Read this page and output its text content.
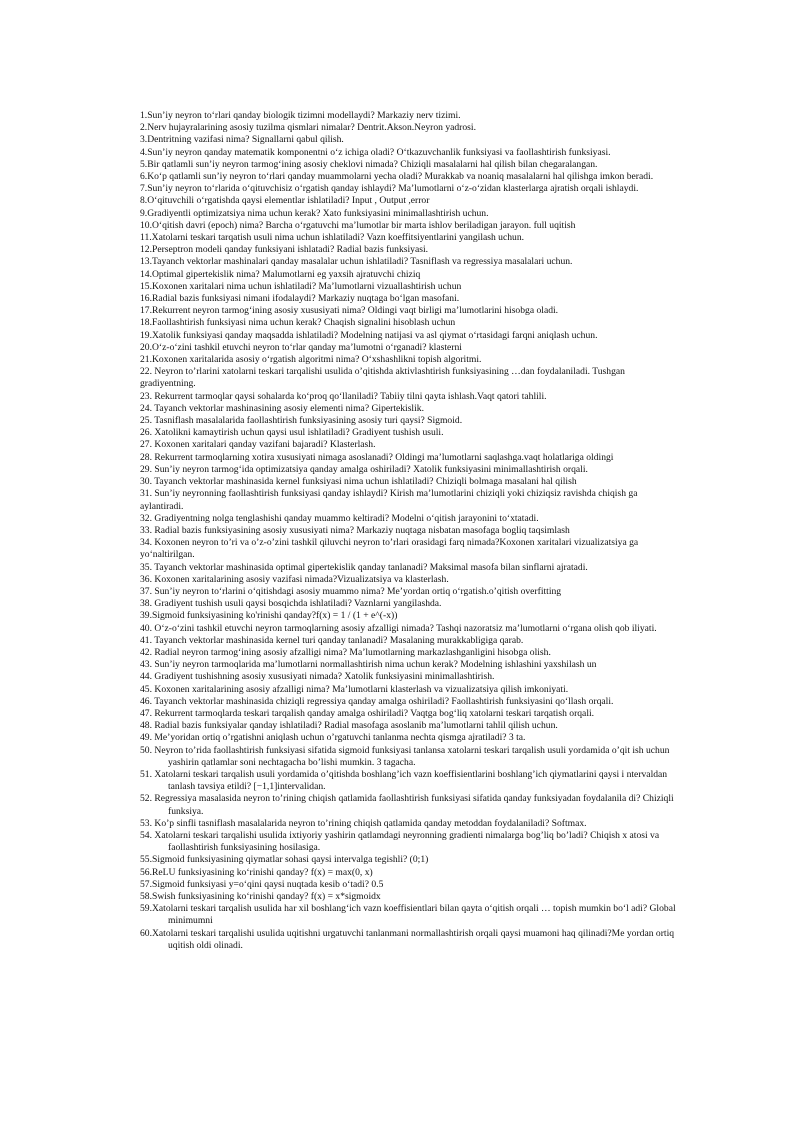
1.Sun’iy neyron to‘rlari qanday biologik tizimni modellaydi? Markaziy nerv tizimi.

2.Nerv hujayralarining asosiy tuzilma qismlari nimalar? Dentrit.Akson.Neyron yadrosi.

3.Dentritning vazifasi nima? Signallarni qabul qilish.

4.Sun’iy neyron qanday matematik komponentni o‘z ichiga oladi? O‘tkazuvchanlik funksiyasi va faollashtirish funksiyasi.

5.Bir qatlamli sun’iy neyron tarmog‘ining asosiy cheklovi nimada? Chiziqli masalalarni hal qilish bilan chegaralangan.

6.Ko‘p qatlamli sun’iy neyron to‘rlari qanday muammolarni yecha oladi? Murakkab va noaniq masalalarni hal qilishga imkon beradi.

7.Sun’iy neyron to‘rlarida o‘qituvchisiz o‘rgatish qanday ishlaydi? Ma’lumotlarni o‘z-o‘zidan klasterlarga ajratish orqali ishlaydi.

8.O‘qituvchili o‘rgatishda qaysi elementlar ishlatiladi? Input , Output ,error

9.Gradiyentli optimizatsiya nima uchun kerak? Xato funksiyasini minimallashtirish uchun.

10.O‘qitish davri (epoch) nima? Barcha o‘rgatuvchi ma’lumotlar bir marta ishlov beriladigan jarayon. full uqitish

11.Xatolarni teskari tarqatish usuli nima uchun ishlatiladi? Vazn koeffitsiyentlarini yangilash uchun.

12.Perseptron modeli qanday funksiyani ishlatadi? Radial bazis funksiyasi.

13.Tayanch vektorlar mashinalari qanday masalalar uchun ishlatiladi? Tasniflash va regressiya masalalari uchun.

14.Optimal gipertekislik nima? Malumotlarni eg yaxsih ajratuvchi chiziq

15.Koxonen xaritalari nima uchun ishlatiladi? Ma’lumotlarni vizuallashtirish uchun

16.Radial bazis funksiyasi nimani ifodalaydi? Markaziy nuqtaga bo‘lgan masofani.

17.Rekurrent neyron tarmog‘ining asosiy xususiyati nima? Oldingi vaqt birligi ma’lumotlarini hisobga oladi.

18.Faollashtirish funksiyasi nima uchun kerak? Chaqish signalini hisoblash uchun

19.Xatolik funksiyasi qanday maqsadda ishlatiladi? Modelning natijasi va asl qiymat o‘rtasidagi farqni aniqlash uchun.

20.O‘z-o‘zini tashkil etuvchi neyron to‘rlar qanday ma’lumotni o‘rganadi? klasterni

21.Koxonen xaritalarida asosiy o‘rgatish algoritmi nima? O‘xshashlikni topish algoritmi.

22. Neyron to’rlarini xatolarni teskari tarqalishi usulida o’qitishda aktivlashtirish funksiyasining …dan foydalaniladi. Tushgan gradiyentning.

23. Rekurrent tarmoqlar qaysi sohalarda ko‘proq qo‘llaniladi? Tabiiy tilni qayta ishlash.Vaqt qatori tahlili.

24. Tayanch vektorlar mashinasining asosiy elementi nima? Gipertekislik.

25. Tasniflash masalalarida faollashtirish funksiyasining asosiy turi qaysi? Sigmoid.

26. Xatolikni kamaytirish uchun qaysi usul ishlatiladi? Gradiyent tushish usuli.

27. Koxonen xaritalari qanday vazifani bajaradi? Klasterlash.

28. Rekurrent tarmoqlarning xotira xususiyati nimaga asoslanadi? Oldingi ma’lumotlarni saqlashga.vaqt holatlariga oldingi

29. Sun’iy neyron tarmog‘ida optimizatsiya qanday amalga oshiriladi? Xatolik funksiyasini minimallashtirish orqali.

30. Tayanch vektorlar mashinasida kernel funksiyasi nima uchun ishlatiladi? Chiziqli bolmaga masalani hal qilish

31. Sun’iy neyronning faollashtirish funksiyasi qanday ishlaydi? Kirish ma’lumotlarini chiziqli yoki chiziqsiz ravishda chiqish ga aylantiradi.

32. Gradiyentning nolga tenglashishi qanday muammo keltiradi? Modelni o‘qitish jarayonini to‘xtatadi.

33. Radial bazis funksiyasining asosiy xususiyati nima? Markaziy nuqtaga nisbatan masofaga bogliq taqsimlash

34. Koxonen neyron to’ri va o’z-o’zini tashkil qiluvchi neyron to’rlari orasidagi farq nimada?Koxonen xaritalari vizualizatsiya ga yo‘naltirilgan.

35. Tayanch vektorlar mashinasida optimal gipertekislik qanday tanlanadi? Maksimal masofa bilan sinflarni ajratadi.

36. Koxonen xaritalarining asosiy vazifasi nimada?Vizualizatsiya va klasterlash.

37. Sun’iy neyron to‘rlarini o‘qitishdagi asosiy muammo nima? Me’yordan ortiq o‘rgatish.o’qitish overfitting

38. Gradiyent tushish usuli qaysi bosqichda ishlatiladi? Vaznlarni yangilashda.

39.Sigmoid funksiyasining ko'rinishi qanday?f(x) = 1 / (1 + e^(-x))

40. O‘z-o‘zini tashkil etuvchi neyron tarmoqlarning asosiy afzalligi nimada? Tashqi nazoratsiz ma’lumotlarni o‘rgana olish qob iliyati.

41. Tayanch vektorlar mashinasida kernel turi qanday tanlanadi? Masalaning murakkabligiga qarab.

42. Radial neyron tarmog‘ining asosiy afzalligi nima? Ma’lumotlarning markazlashganligini hisobga olish.

43. Sun’iy neyron tarmoqlarida ma’lumotlarni normallashtirish nima uchun kerak? Modelning ishlashini yaxshilash un

44. Gradiyent tushishning asosiy xususiyati nimada? Xatolik funksiyasini minimallashtirish.

45. Koxonen xaritalarining asosiy afzalligi nima? Ma’lumotlarni klasterlash va vizualizatsiya qilish imkoniyati.

46. Tayanch vektorlar mashinasida chiziqli regressiya qanday amalga oshiriladi? Faollashtirish funksiyasini qo‘llash orqali.

47. Rekurrent tarmoqlarda teskari tarqalish qanday amalga oshiriladi? Vaqtga bog‘liq xatolarni teskari tarqatish orqali.

48. Radial bazis funksiyalar qanday ishlatiladi? Radial masofaga asoslanib ma’lumotlarni tahlil qilish uchun.

49. Me’yoridan ortiq o’rgatishni aniqlash uchun o’rgatuvchi tanlanma nechta qismga ajratiladi? 3 ta.

50. Neyron to’rida faollashtirish funksiyasi sifatida sigmoid funksiyasi tanlansa xatolarni teskari tarqalish usuli yordamida o’qit ish uchun yashirin qatlamlar soni nechtagacha bo’lishi mumkin. 3 tagacha.

51. Xatolarni teskari tarqalish usuli yordamida o’qitishda boshlang’ich vazn koeffisientlarini boshlang’ich qiymatlarini qaysi i ntervaldan tanlash tavsiya etildi? [−1,1]intervalidan.

52. Regressiya masalasida neyron to’rining chiqish qatlamida faollashtirish funksiyasi sifatida qanday funksiyadan foydalanila di? Chiziqli funksiya.

53. Ko’p sinfli tasniflash masalalarida neyron to’rining chiqish qatlamida qanday metoddan foydalaniladi? Softmax.

54. Xatolarni teskari tarqalishi usulida ixtiyoriy yashirin qatlamdagi neyronning gradienti nimalarga bog’liq bo’ladi? Chiqish x atosi va faollashtirish funksiyasining hosilasiga.

55.Sigmoid funksiyasining qiymatlar sohasi qaysi intervalga tegishli? (0;1)

56.ReLU funksiyasining ko‘rinishi qanday? f(x) = max(0, x)

57.Sigmoid funksiyasi y=o‘qini qaysi nuqtada kesib o‘tadi? 0.5

58.Swish funksiyasining ko‘rinishi qanday? f(x) = x*sigmoidx

59.Xatolarni teskari tarqalish usulida har xil boshlang‘ich vazn koeffisientlari bilan qayta o‘qitish orqali … topish mumkin bo‘l adi? Global minimumni

60.Xatolarni teskari tarqalishi usulida uqitishni urgatuvchi tanlanmani normallashtirish orqali qaysi muamoni haq qilinadi?Me yordan ortiq uqitish oldi olinadi.
